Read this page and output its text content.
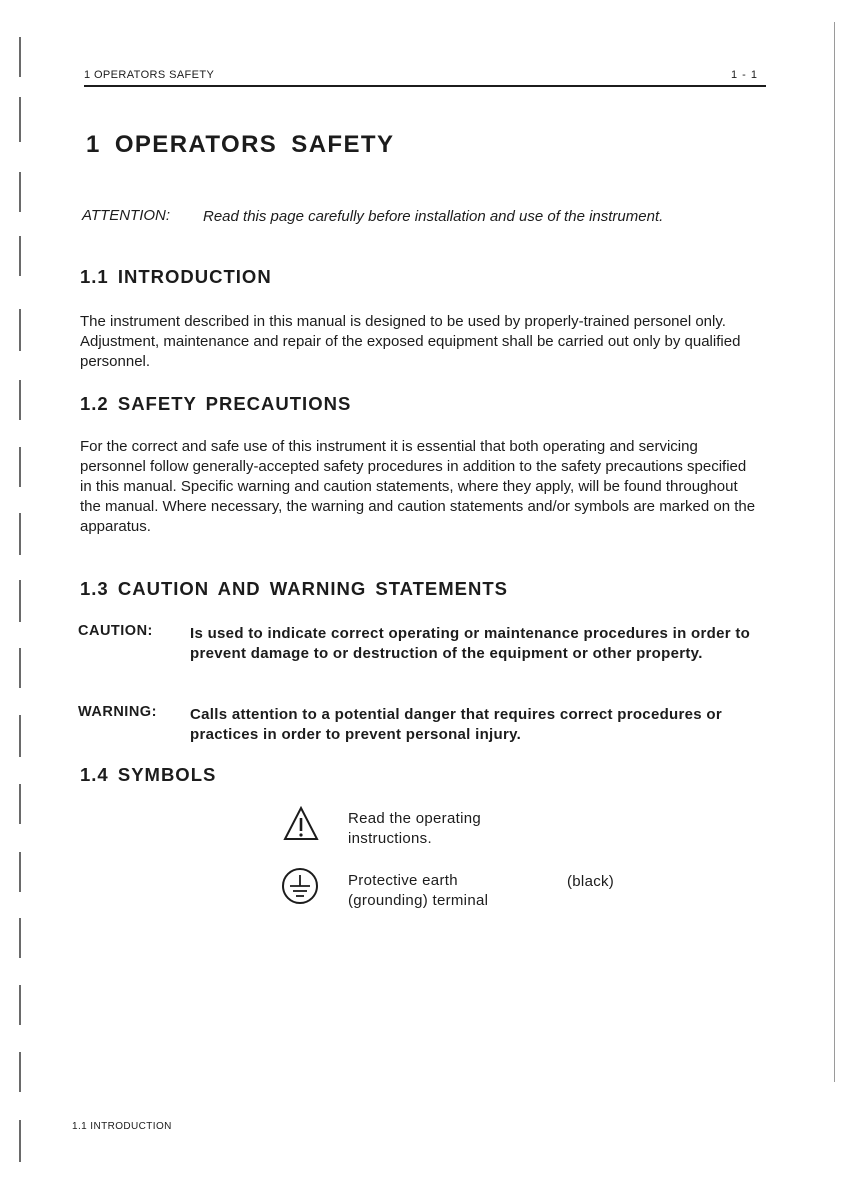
1 OPERATORS SAFETY	1 - 1
1 OPERATORS SAFETY
ATTENTION: Read this page carefully before installation and use of the instrument.
1.1 INTRODUCTION

The instrument described in this manual is designed to be used by properly-trained personel only. Adjustment, maintenance and repair of the exposed equipment shall be carried out only by qualified personnel.

1.2 SAFETY PRECAUTIONS

For the correct and safe use of this instrument it is essential that both operating and servicing personnel follow generally-accepted safety procedures in addition to the safety precautions specified in this manual. Specific warning and caution statements, where they apply, will be found throughout the manual. Where necessary, the warning and caution statements and/or symbols are marked on the apparatus.

1.3 CAUTION AND WARNING STATEMENTS
CAUTION: Is used to indicate correct operating or maintenance procedures in order to prevent damage to or destruction of the equipment or other property.
WARNING: Calls attention to a potential danger that requires correct procedures or practices in order to prevent personal injury.
1.4 SYMBOLS
Read the operating instructions.
Protective earth (grounding) terminal
(black)
1.1 INTRODUCTION
